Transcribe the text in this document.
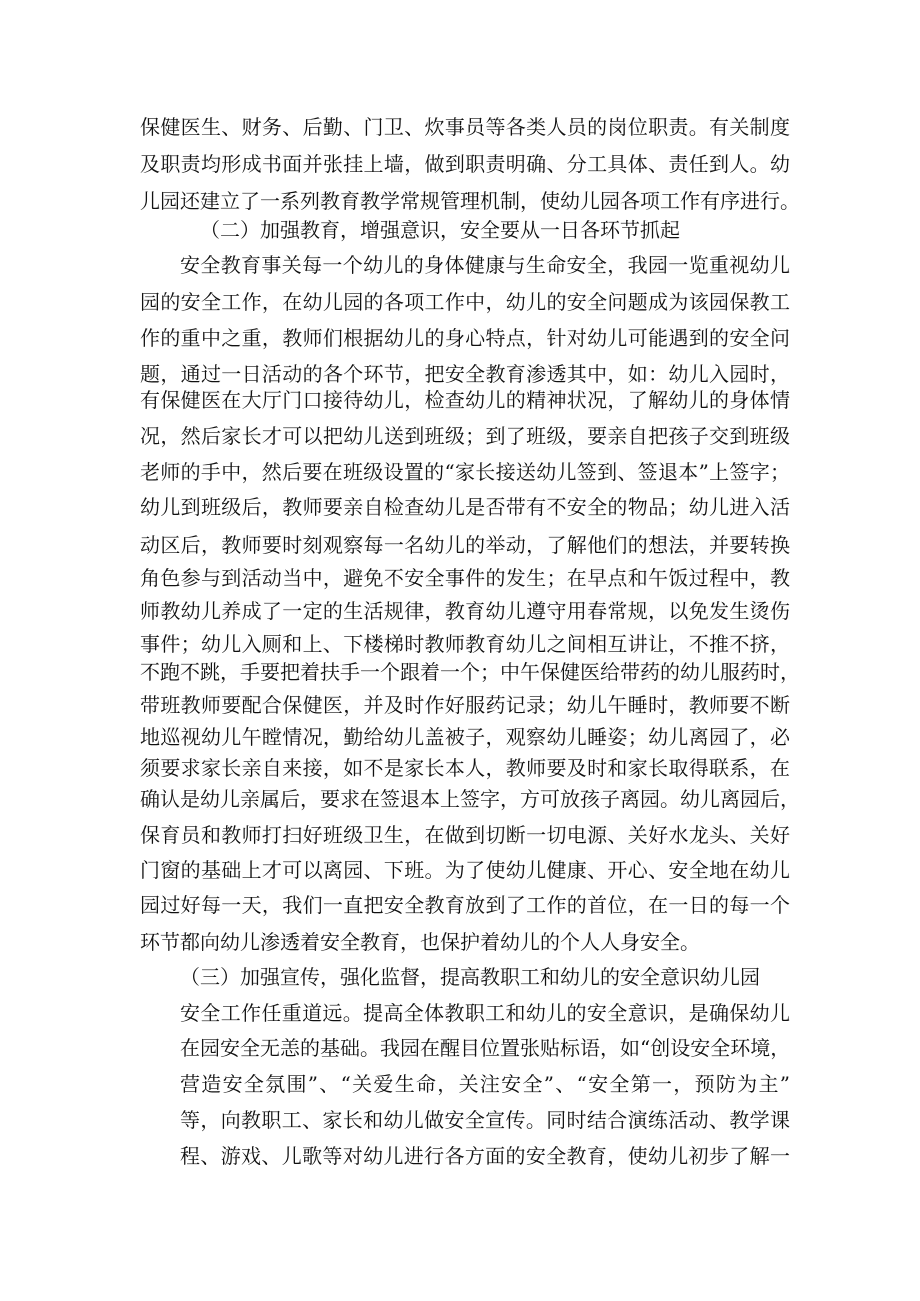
保健医生、财务、后勤、门卫、炊事员等各类人员的岗位职责。有关制度
及职责均形成书面并张挂上墙，做到职责明确、分工具体、责任到人。幼
儿园还建立了一系列教育教学常规管理机制，使幼儿园各项工作有序进行。
（二）加强教育，增强意识，安全要从一日各环节抓起
安全教育事关每一个幼儿的身体健康与生命安全，我园一览重视幼儿
园的安全工作，在幼儿园的各项工作中，幼儿的安全问题成为该园保教工
作的重中之重，教师们根据幼儿的身心特点，针对幼儿可能遇到的安全问
题，通过一日活动的各个环节，把安全教育渗透其中，如：幼儿入园时，
有保健医在大厅门口接待幼儿，检查幼儿的精神状况，了解幼儿的身体情
况，然后家长才可以把幼儿送到班级；到了班级，要亲自把孩子交到班级
老师的手中，然后要在班级设置的“家长接送幼儿签到、签退本”上签字；
幼儿到班级后，教师要亲自检查幼儿是否带有不安全的物品；幼儿进入活
动区后，教师要时刻观察每一名幼儿的举动，了解他们的想法，并要转换
角色参与到活动当中，避免不安全事件的发生；在早点和午饭过程中，教
师教幼儿养成了一定的生活规律，教育幼儿遵守用春常规，以免发生烫伤
事件；幼儿入厕和上、下楼梯时教师教育幼儿之间相互讲让，不推不挤，
不跑不跳，手要把着扶手一个跟着一个；中午保健医给带药的幼儿服药时，
带班教师要配合保健医，并及时作好服药记录；幼儿午睡时，教师要不断
地巡视幼儿午瞠情况，勤给幼儿盖被子，观察幼儿睡姿；幼儿离园了，必
须要求家长亲自来接，如不是家长本人，教师要及时和家长取得联系，在
确认是幼儿亲属后，要求在签退本上签字，方可放孩子离园。幼儿离园后，
保育员和教师打扫好班级卫生，在做到切断一切电源、关好水龙头、关好
门窗的基础上才可以离园、下班。为了使幼儿健康、开心、安全地在幼儿
园过好每一天，我们一直把安全教育放到了工作的首位，在一日的每一个
环节都向幼儿渗透着安全教育，也保护着幼儿的个人人身安全。
（三）加强宣传，强化监督，提高教职工和幼儿的安全意识幼儿园
安全工作任重道远。提高全体教职工和幼儿的安全意识，是确保幼儿
在园安全无恙的基础。我园在醒目位置张贴标语，如“创设安全环境，
营造安全氛围”、“关爱生命，关注安全”、“安全第一，预防为主”
等，向教职工、家长和幼儿做安全宣传。同时结合演练活动、教学课
程、游戏、儿歌等对幼儿进行各方面的安全教育，使幼儿初步了解一
